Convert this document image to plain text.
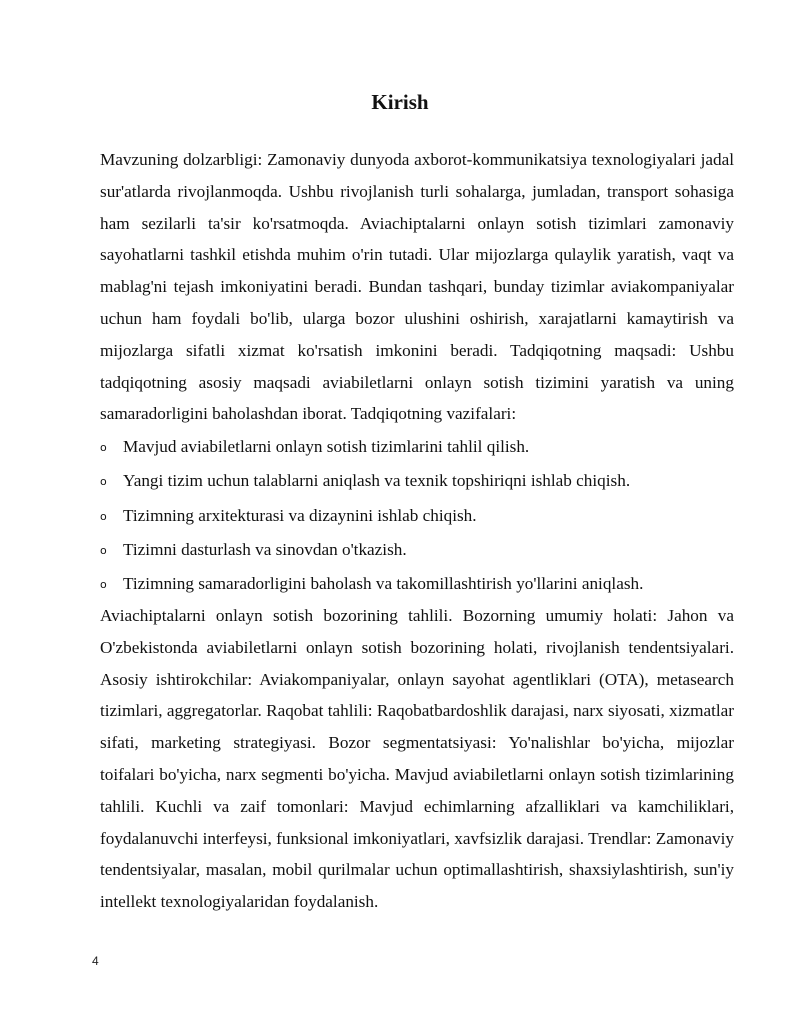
Kirish

Mavzuning dolzarbligi: Zamonaviy dunyoda axborot-kommunikatsiya texnologiyalari jadal sur'atlarda rivojlanmoqda. Ushbu rivojlanish turli sohalarga, jumladan, transport sohasiga ham sezilarli ta'sir ko'rsatmoqda. Aviachiptalarni onlayn sotish tizimlari zamonaviy sayohatlarni tashkil etishda muhim o'rin tutadi. Ular mijozlarga qulaylik yaratish, vaqt va mablag'ni tejash imkoniyatini beradi. Bundan tashqari, bunday tizimlar aviakompaniyalar uchun ham foydali bo'lib, ularga bozor ulushini oshirish, xarajatlarni kamaytirish va mijozlarga sifatli xizmat ko'rsatish imkonini beradi. Tadqiqotning maqsadi: Ushbu tadqiqotning asosiy maqsadi aviabiletlarni onlayn sotish tizimini yaratish va uning samaradorligini baholashdan iborat. Tadqiqotning vazifalari:

o Mavjud aviabiletlarni onlayn sotish tizimlarini tahlil qilish.
o Yangi tizim uchun talablarni aniqlash va texnik topshiriqni ishlab chiqish.
o Tizimning arxitekturasi va dizaynini ishlab chiqish.
o Tizimni dasturlash va sinovdan o'tkazish.
o Tizimning samaradorligini baholash va takomillashtirish yo'llarini aniqlash.

Aviachiptalarni onlayn sotish bozorining tahlili. Bozorning umumiy holati: Jahon va O'zbekistonda aviabiletlarni onlayn sotish bozorining holati, rivojlanish tendentsiyalari. Asosiy ishtirokchilar: Aviakompaniyalar, onlayn sayohat agentliklari (OTA), metasearch tizimlari, aggregatorlar. Raqobat tahlili: Raqobatbardoshlik darajasi, narx siyosati, xizmatlar sifati, marketing strategiyasi. Bozor segmentatsiyasi: Yo'nalishlar bo'yicha, mijozlar toifalari bo'yicha, narx segmenti bo'yicha. Mavjud aviabiletlarni onlayn sotish tizimlarining tahlili. Kuchli va zaif tomonlari: Mavjud echimlarning afzalliklari va kamchiliklari, foydalanuvchi interfeysi, funksional imkoniyatlari, xavfsizlik darajasi. Trendlar: Zamonaviy tendentsiyalar, masalan, mobil qurilmalar uchun optimallashtirish, shaxsiylashtirish, sun'iy intellekt texnologiyalaridan foydalanish.

4
